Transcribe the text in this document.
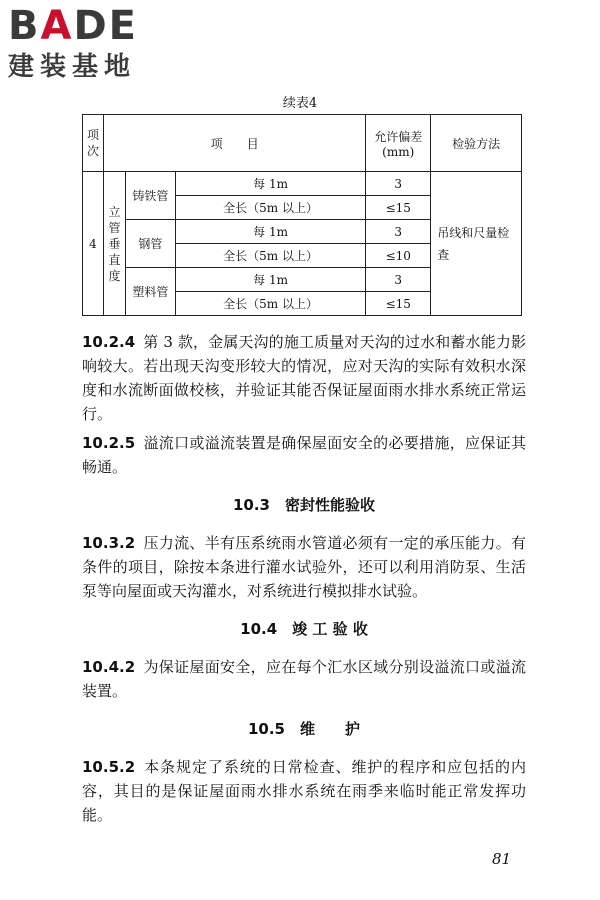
BADE
建装基地
续表4
项次	项　　目			允许偏差(mm)	检验方法
4	立管垂直度	铸铁管	每 1m	3	吊线和尺量检查
			全长（5m 以上）	≤15	
		钢管	每 1m	3	
			全长（5m 以上）	≤10	
		塑料管	每 1m	3	
			全长（5m 以上）	≤15	

10.2.4 第 3 款，金属天沟的施工质量对天沟的过水和蓄水能力影响较大。若出现天沟变形较大的情况，应对天沟的实际有效积水深度和水流断面做校核，并验证其能否保证屋面雨水排水系统正常运行。

10.2.5 溢流口或溢流装置是确保屋面安全的必要措施，应保证其畅通。

10.3　密封性能验收

10.3.2 压力流、半有压系统雨水管道必须有一定的承压能力。有条件的项目，除按本条进行灌水试验外，还可以利用消防泵、生活泵等向屋面或天沟灌水，对系统进行模拟排水试验。

10.4　竣 工 验 收

10.4.2 为保证屋面安全，应在每个汇水区域分别设溢流口或溢流装置。

10.5　维　　护

10.5.2 本条规定了系统的日常检查、维护的程序和应包括的内容，其目的是保证屋面雨水排水系统在雨季来临时能正常发挥功能。

81
